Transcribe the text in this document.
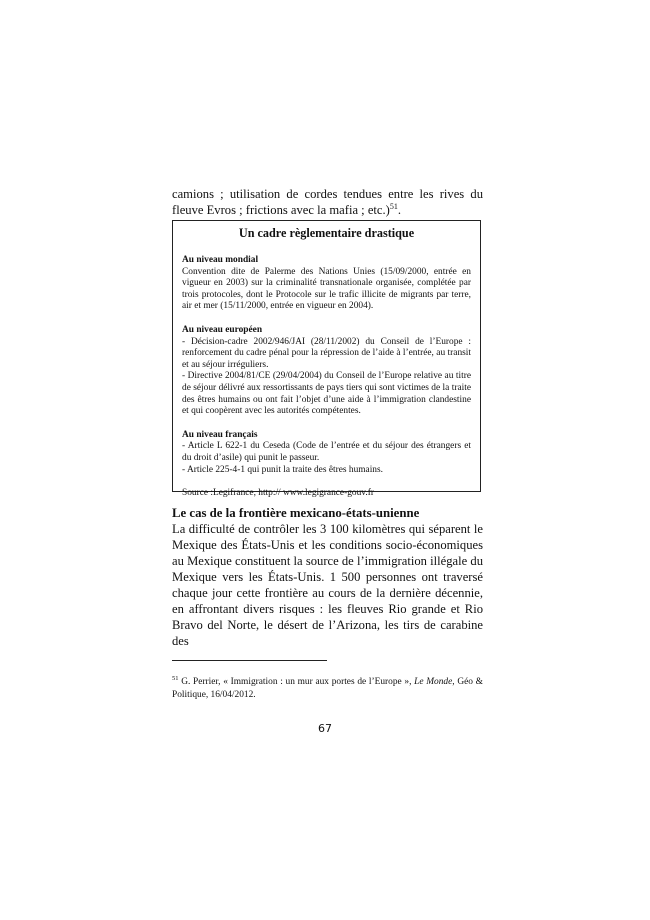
camions ; utilisation de cordes tendues entre les rives du fleuve Evros ; frictions avec la mafia ; etc.)$^{51}$.

Un cadre règlementaire drastique

Au niveau mondial

Convention dite de Palerme des Nations Unies (15/09/2000, entrée en vigueur en 2003) sur la criminalité transnationale organisée, complétée par trois protocoles, dont le Protocole sur le trafic illicite de migrants par terre, air et mer (15/11/2000, entrée en vigueur en 2004).

Au niveau européen

- Décision-cadre 2002/946/JAI (28/11/2002) du Conseil de l’Europe : renforcement du cadre pénal pour la répression de l’aide à l’entrée, au transit et au séjour irréguliers.

- Directive 2004/81/CE (29/04/2004) du Conseil de l’Europe relative au titre de séjour délivré aux ressortissants de pays tiers qui sont victimes de la traite des êtres humains ou ont fait l’objet d’une aide à l’immigration clandestine et qui coopèrent avec les autorités compétentes.

Au niveau français

- Article L 622-1 du Ceseda (Code de l’entrée et du séjour des étrangers et du droit d’asile) qui punit le passeur.

- Article 225-4-1 qui punit la traite des êtres humains.

Source :Legifrance, http:// www.legigrance-gouv.fr

Le cas de la frontière mexicano-états-unienne

La difficulté de contrôler les 3 100 kilomètres qui séparent le Mexique des États-Unis et les conditions socio-économiques au Mexique constituent la source de l’immigration illégale du Mexique vers les États-Unis. 1 500 personnes ont traversé chaque jour cette frontière au cours de la dernière décennie, en affrontant divers risques : les fleuves Rio grande et Rio Bravo del Norte, le désert de l’Arizona, les tirs de carabine des

$^{51}$ G. Perrier, « Immigration : un mur aux portes de l’Europe », Le Monde, Géo & Politique, 16/04/2012.

67
